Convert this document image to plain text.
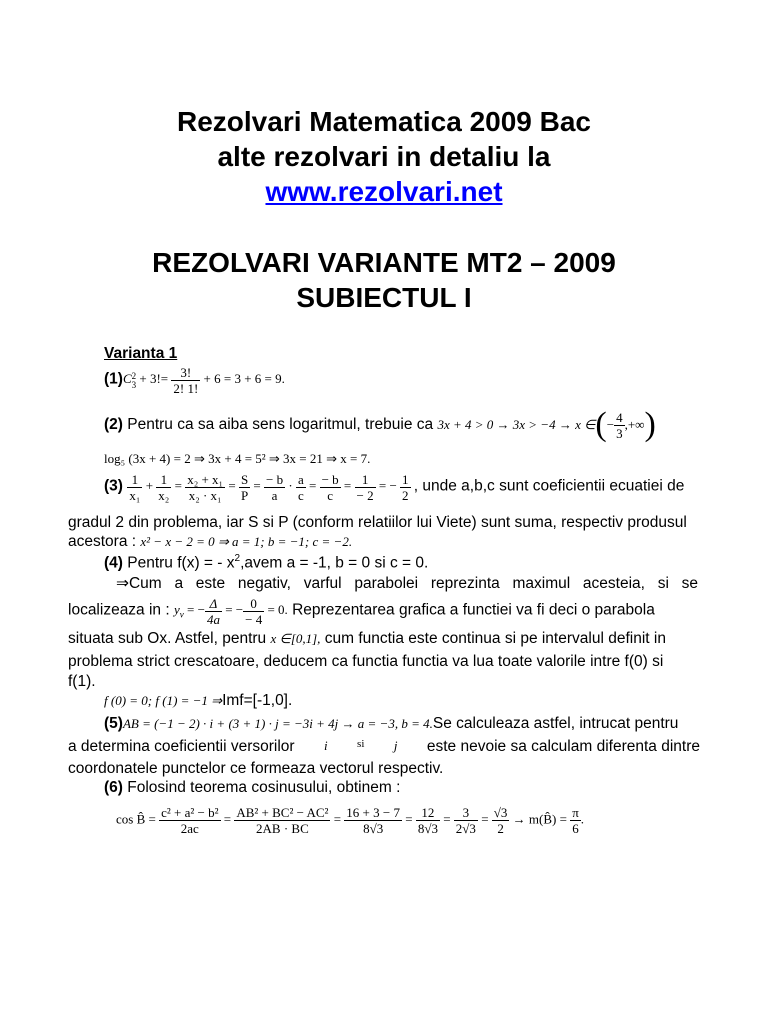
Rezolvari Matematica 2009 Bac
alte rezolvari in detaliu la
www.rezolvari.net
REZOLVARI VARIANTE MT2 – 2009
SUBIECTUL I
Varianta 1
(1)C 2
$3 + 3!= \frac{3!}{2! 1!} + 6 = 3 + 6 = 9$.
(2) Pentru ca sa aiba sens logaritmul, trebuie ca 3x + 4 > 0 → 3x > −4 → x ∈(− $\frac{4}{3}$ ,+∞)
log₅ (3x + 4) = 2 ⇒ 3x + 4 = 5² ⇒ 3x = 21 ⇒ x = 7.
$(3) \frac{1}{\text{x₁}} + \frac{1}{\text{x₂}} = \frac{\text{x₂ + x₁}}{\text{x₂ · x₁}} = \frac{S}{P} = \frac{- b}{a} \cdot \frac{a}{c} = \frac{- b}{c} = \frac{1}{- 2}$ = − $\frac{1}{2}$ , unde a,b,c sunt coeficientii ecuatiei de
gradul 2 din problema, iar S si P (conform relatiilor lui Viete) sunt suma, respectiv produsul
acestora : x² − x − 2 = 0 ⇒ a = 1; b = −1; c = −2.
(4) Pentru f(x) = - $x^2,avem$ a = -1, b = 0 si c = 0.
⇒Cum a este negativ, varful parabolei reprezinta maximul acesteia, si se
localizeaza in : $y_v$ = − $\frac{\Delta}{4a}$ = − $\frac{0}{- 4} = 0$. Reprezentarea grafica a functiei va fi deci o parabola
situata sub Ox. Astfel, pentru x ∈[0,1], cum functia este continua si pe intervalul definit in
problema strict crescatoare, deducem ca functia functia va lua toate valorile intre f(0) si
f(1).
f (0) = 0; f (1) = −1 ⇒Imf=[-1,0].
(5)AB = (−1 − 2) · i + (3 + 1) · j = −3i + 4j → a = −3, b = 4.Se calculeaza astfel, intrucat pentru
a determina coeficientii versorilor i	si j este nevoie sa calculam diferenta dintre
coordonatele punctelor ce formeaza vectorul respectiv.
(6) Folosind teorema cosinusului, obtinem :
cos B̂ = $\frac{\text{c² + a² − b²}}{2ac} = \frac{\text{AB² + BC² − AC²}}{2AB \cdot BC} = \frac{16 + 3 - 7}{8√3} = \frac{12}{8√3} = \frac{3}{2√3} = \frac{√3}{2}$ → m(B̂) = $\frac{\pi}{6}$ .
